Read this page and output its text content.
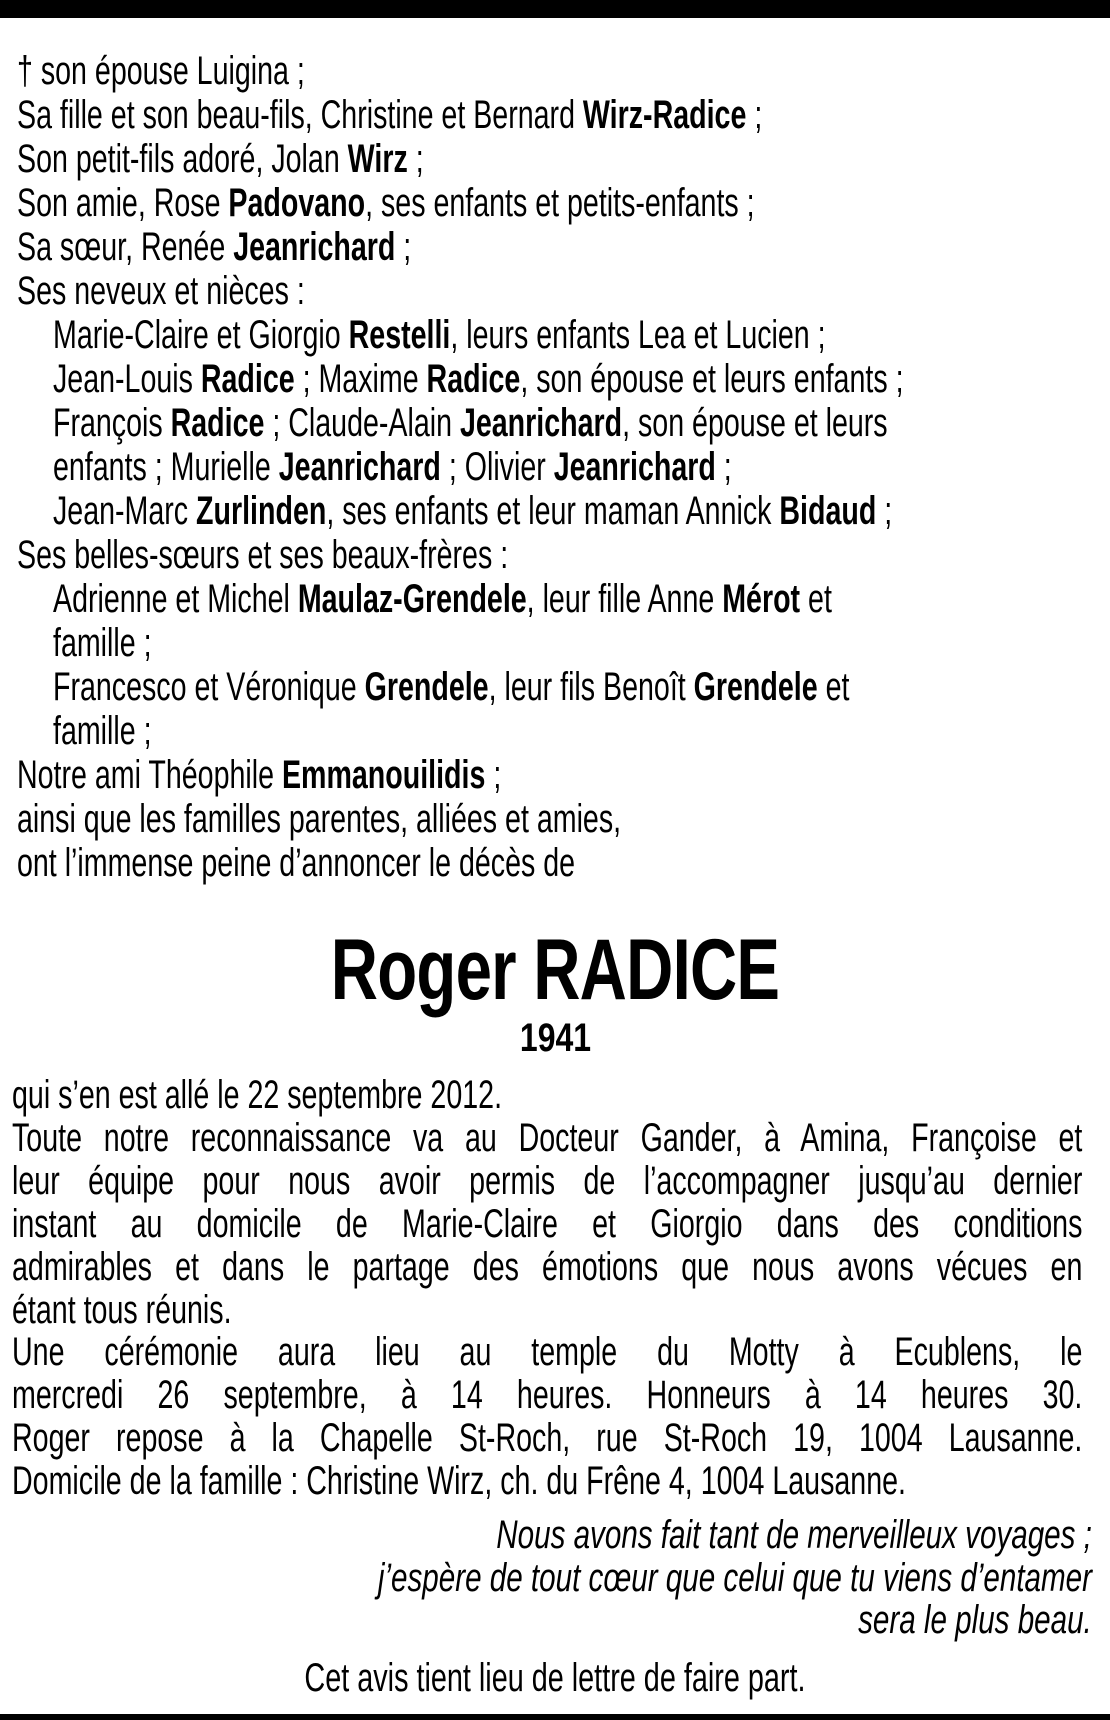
† son épouse Luigina ;
Sa fille et son beau-fils, Christine et Bernard Wirz-Radice ;
Son petit-fils adoré, Jolan Wirz ;
Son amie, Rose Padovano, ses enfants et petits-enfants ;
Sa sœur, Renée Jeanrichard ;
Ses neveux et nièces :
Marie-Claire et Giorgio Restelli, leurs enfants Lea et Lucien ;
Jean-Louis Radice ; Maxime Radice, son épouse et leurs enfants ;
François Radice ; Claude-Alain Jeanrichard, son épouse et leurs
enfants ; Murielle Jeanrichard ; Olivier Jeanrichard ;
Jean-Marc Zurlinden, ses enfants et leur maman Annick Bidaud ;
Ses belles-sœurs et ses beaux-frères :
Adrienne et Michel Maulaz-Grendele, leur fille Anne Mérot et
famille ;
Francesco et Véronique Grendele, leur fils Benoît Grendele et
famille ;
Notre ami Théophile Emmanouilidis ;
ainsi que les familles parentes, alliées et amies,
ont l’immense peine d’annoncer le décès de
Roger RADICE
1941
qui s’en est allé le 22 septembre 2012.
Toute notre reconnaissance va au Docteur Gander, à Amina, Françoise et
leur équipe pour nous avoir permis de l’accompagner jusqu’au dernier
instant au domicile de Marie-Claire et Giorgio dans des conditions
admirables et dans le partage des émotions que nous avons vécues en
étant tous réunis.
Une cérémonie aura lieu au temple du Motty à Ecublens, le
mercredi 26 septembre, à 14 heures. Honneurs à 14 heures 30.
Roger repose à la Chapelle St-Roch, rue St-Roch 19, 1004 Lausanne.
Domicile de la famille : Christine Wirz, ch. du Frêne 4, 1004 Lausanne.
Nous avons fait tant de merveilleux voyages ;
j’espère de tout cœur que celui que tu viens d’entamer
sera le plus beau.
Cet avis tient lieu de lettre de faire part.
